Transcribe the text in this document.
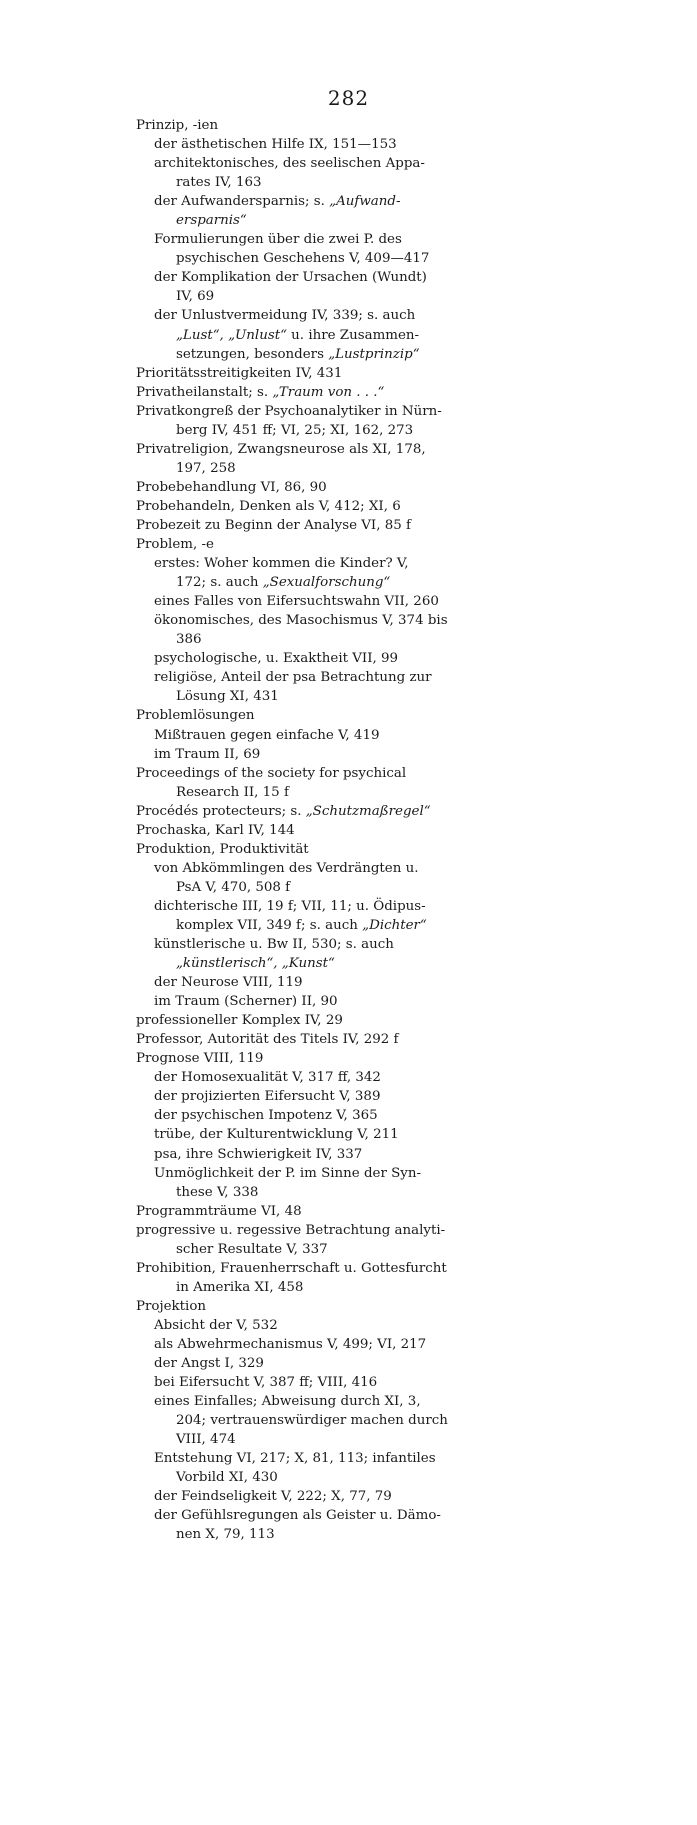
282
Prinzip, -ien
der ästhetischen Hilfe IX, 151—153
architektonisches, des seelischen Appa-
rates IV, 163
der Aufwandersparnis; s. „Aufwand-
ersparnis“
Formulierungen über die zwei P. des
psychischen Geschehens V, 409—417
der Komplikation der Ursachen (Wundt)
IV, 69
der Unlustvermeidung IV, 339; s. auch
„Lust“, „Unlust“ u. ihre Zusammen-
setzungen, besonders „Lustprinzip“
Prioritätsstreitigkeiten IV, 431
Privatheilanstalt; s. „Traum von . . .“
Privatkongreß der Psychoanalytiker in Nürn-
berg IV, 451 ff; VI, 25; XI, 162, 273
Privatreligion, Zwangsneurose als XI, 178,
197, 258
Probebehandlung VI, 86, 90
Probehandeln, Denken als V, 412; XI, 6
Probezeit zu Beginn der Analyse VI, 85 f
Problem, -e
erstes: Woher kommen die Kinder? V,
172; s. auch „Sexualforschung“
eines Falles von Eifersuchtswahn VII, 260
ökonomisches, des Masochismus V, 374 bis
386
psychologische, u. Exaktheit VII, 99
religiöse, Anteil der psa Betrachtung zur
Lösung XI, 431
Problemlösungen
Mißtrauen gegen einfache V, 419
im Traum II, 69
Proceedings of the society for psychical
Research II, 15 f
Procédés protecteurs; s. „Schutzmaßregel“
Prochaska, Karl IV, 144
Produktion, Produktivität
von Abkömmlingen des Verdrängten u.
PsA V, 470, 508 f
dichterische III, 19 f; VII, 11; u. Ödipus-
komplex VII, 349 f; s. auch „Dichter“
künstlerische u. Bw II, 530; s. auch
„künstlerisch“, „Kunst“
der Neurose VIII, 119
im Traum (Scherner) II, 90
professioneller Komplex IV, 29
Professor, Autorität des Titels IV, 292 f
Prognose VIII, 119
der Homosexualität V, 317 ff, 342
der projizierten Eifersucht V, 389
der psychischen Impotenz V, 365
trübe, der Kulturentwicklung V, 211
psa, ihre Schwierigkeit IV, 337
Unmöglichkeit der P. im Sinne der Syn-
these V, 338
Programmträume VI, 48
progressive u. regessive Betrachtung analyti-
scher Resultate V, 337
Prohibition, Frauenherrschaft u. Gottesfurcht
in Amerika XI, 458
Projektion
Absicht der V, 532
als Abwehrmechanismus V, 499; VI, 217
der Angst I, 329
bei Eifersucht V, 387 ff; VIII, 416
eines Einfalles; Abweisung durch XI, 3,
204; vertrauenswürdiger machen durch
VIII, 474
Entstehung VI, 217; X, 81, 113; infantiles
Vorbild XI, 430
der Feindseligkeit V, 222; X, 77, 79
der Gefühlsregungen als Geister u. Dämo-
nen X, 79, 113
